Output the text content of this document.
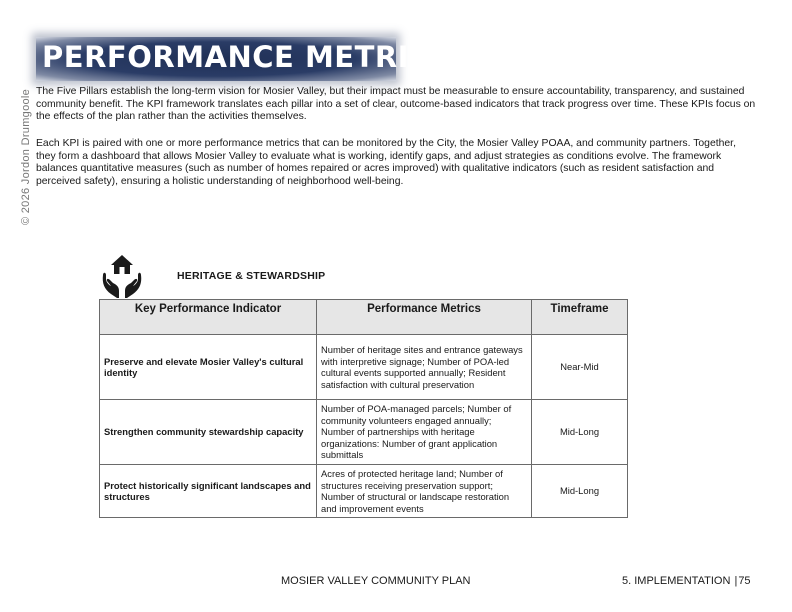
© 2026 Jordon Drumgoole
PERFORMANCE METRICS

The Five Pillars establish the long-term vision for Mosier Valley, but their impact must be measurable to ensure accountability, transparency, and sustained community benefit. The KPI framework translates each pillar into a set of clear, outcome-based indicators that track progress over time. These KPIs focus on the effects of the plan rather than the activities themselves.

Each KPI is paired with one or more performance metrics that can be monitored by the City, the Mosier Valley POAA, and community partners. Together, they form a dashboard that allows Mosier Valley to evaluate what is working, identify gaps, and adjust strategies as conditions evolve. The framework balances quantitative measures (such as number of homes repaired or acres improved) with qualitative indicators (such as resident satisfaction and perceived safety), ensuring a holistic understanding of neighborhood well-being.

HERITAGE & STEWARDSHIP
Key Performance Indicator	Performance Metrics	Timeframe
Preserve and elevate Mosier Valley's cultural identity	Number of heritage sites and entrance gateways with interpretive signage; Number of POA-led cultural events supported annually; Resident satisfaction with cultural preservation	Near-Mid
Strengthen community stewardship capacity	Number of POA-managed parcels; Number of community volunteers engaged annually; Number of partnerships with heritage organizations: Number of grant application submittals	Mid-Long
Protect historically significant landscapes and structures	Acres of protected heritage land; Number of structures receiving preservation support; Number of structural or landscape restoration and improvement events	Mid-Long
MOSIER VALLEY COMMUNITY PLAN	5. IMPLEMENTATION |75
